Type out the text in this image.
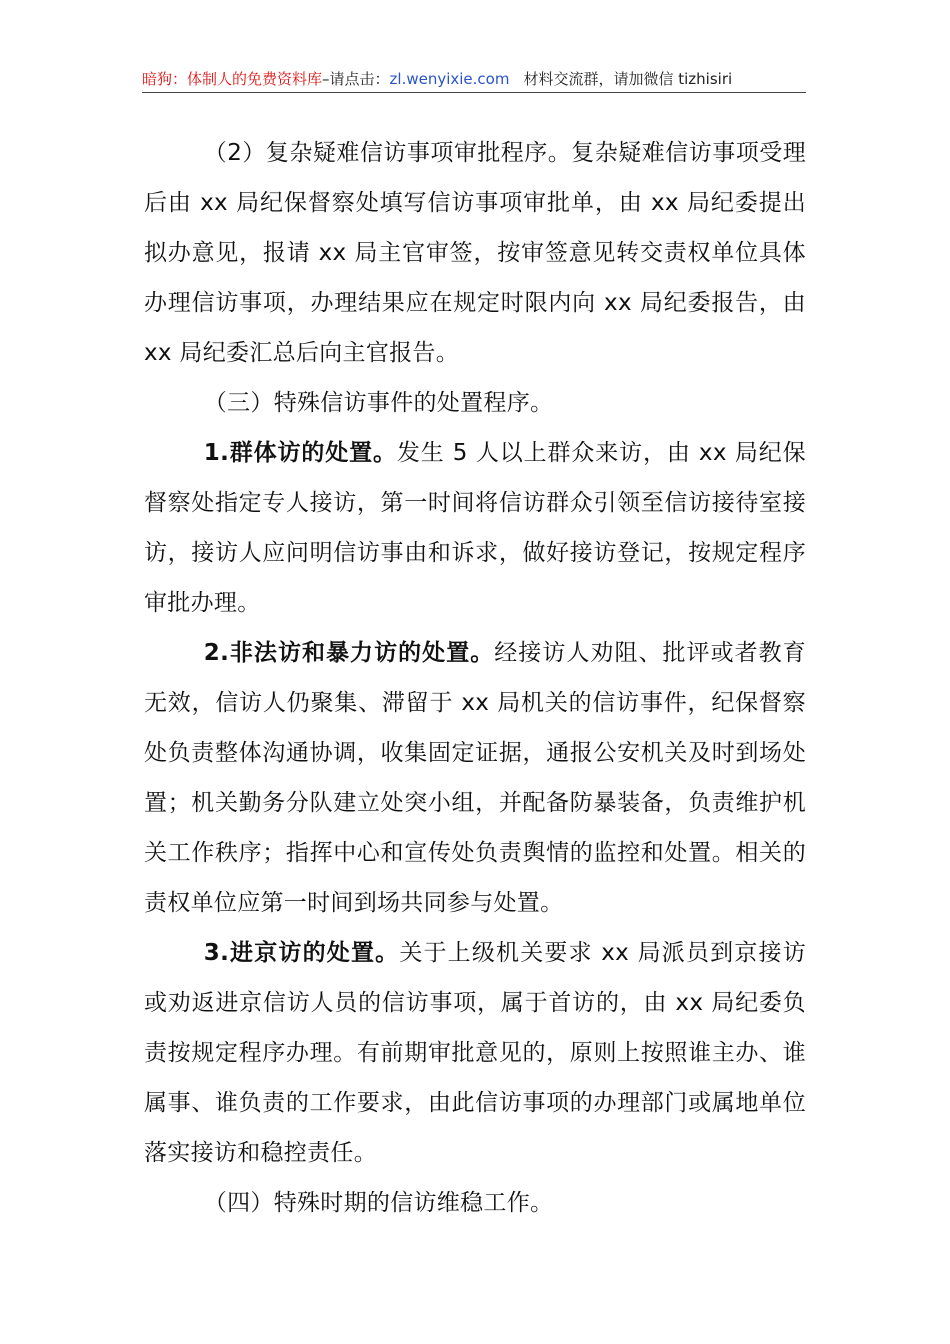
暗狗：体制人的免费资料库–请点击：zl.wenyixie.com 材料交流群，请加微信 tizhisiri

（2）复杂疑难信访事项审批程序。复杂疑难信访事项受理后由 xx 局纪保督察处填写信访事项审批单，由 xx 局纪委提出拟办意见，报请 xx 局主官审签，按审签意见转交责权单位具体办理信访事项，办理结果应在规定时限内向 xx 局纪委报告，由 xx 局纪委汇总后向主官报告。

（三）特殊信访事件的处置程序。

1.群体访的处置。发生 5 人以上群众来访，由 xx 局纪保督察处指定专人接访，第一时间将信访群众引领至信访接待室接访，接访人应问明信访事由和诉求，做好接访登记，按规定程序审批办理。

2.非法访和暴力访的处置。经接访人劝阻、批评或者教育无效，信访人仍聚集、滞留于 xx 局机关的信访事件，纪保督察处负责整体沟通协调，收集固定证据，通报公安机关及时到场处置；机关勤务分队建立处突小组，并配备防暴装备，负责维护机关工作秩序；指挥中心和宣传处负责舆情的监控和处置。相关的责权单位应第一时间到场共同参与处置。

3.进京访的处置。关于上级机关要求 xx 局派员到京接访或劝返进京信访人员的信访事项，属于首访的，由 xx 局纪委负责按规定程序办理。有前期审批意见的，原则上按照谁主办、谁属事、谁负责的工作要求，由此信访事项的办理部门或属地单位落实接访和稳控责任。

（四）特殊时期的信访维稳工作。
